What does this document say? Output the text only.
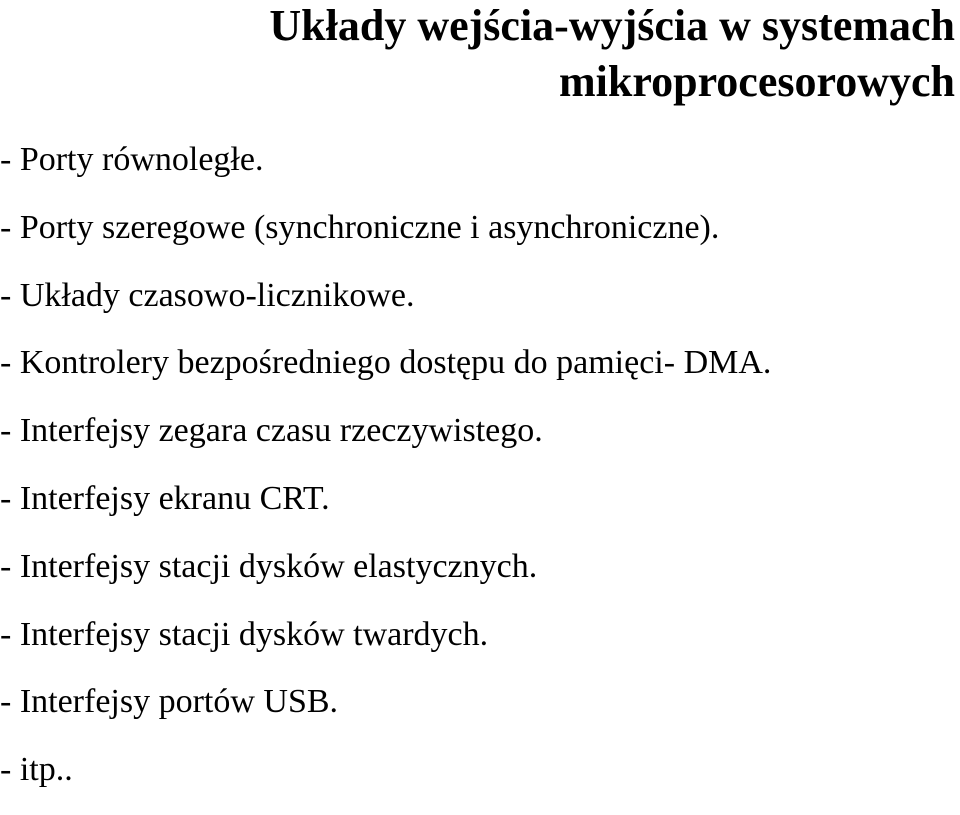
Układy wejścia-wyjścia w systemach
mikroprocesorowych
- Porty równoległe.
- Porty szeregowe (synchroniczne i asynchroniczne).
- Układy czasowo-licznikowe.
- Kontrolery bezpośredniego dostępu do pamięci- DMA.
- Interfejsy zegara czasu rzeczywistego.
- Interfejsy ekranu CRT.
- Interfejsy stacji dysków elastycznych.
- Interfejsy stacji dysków twardych.
- Interfejsy portów USB.
- itp..
